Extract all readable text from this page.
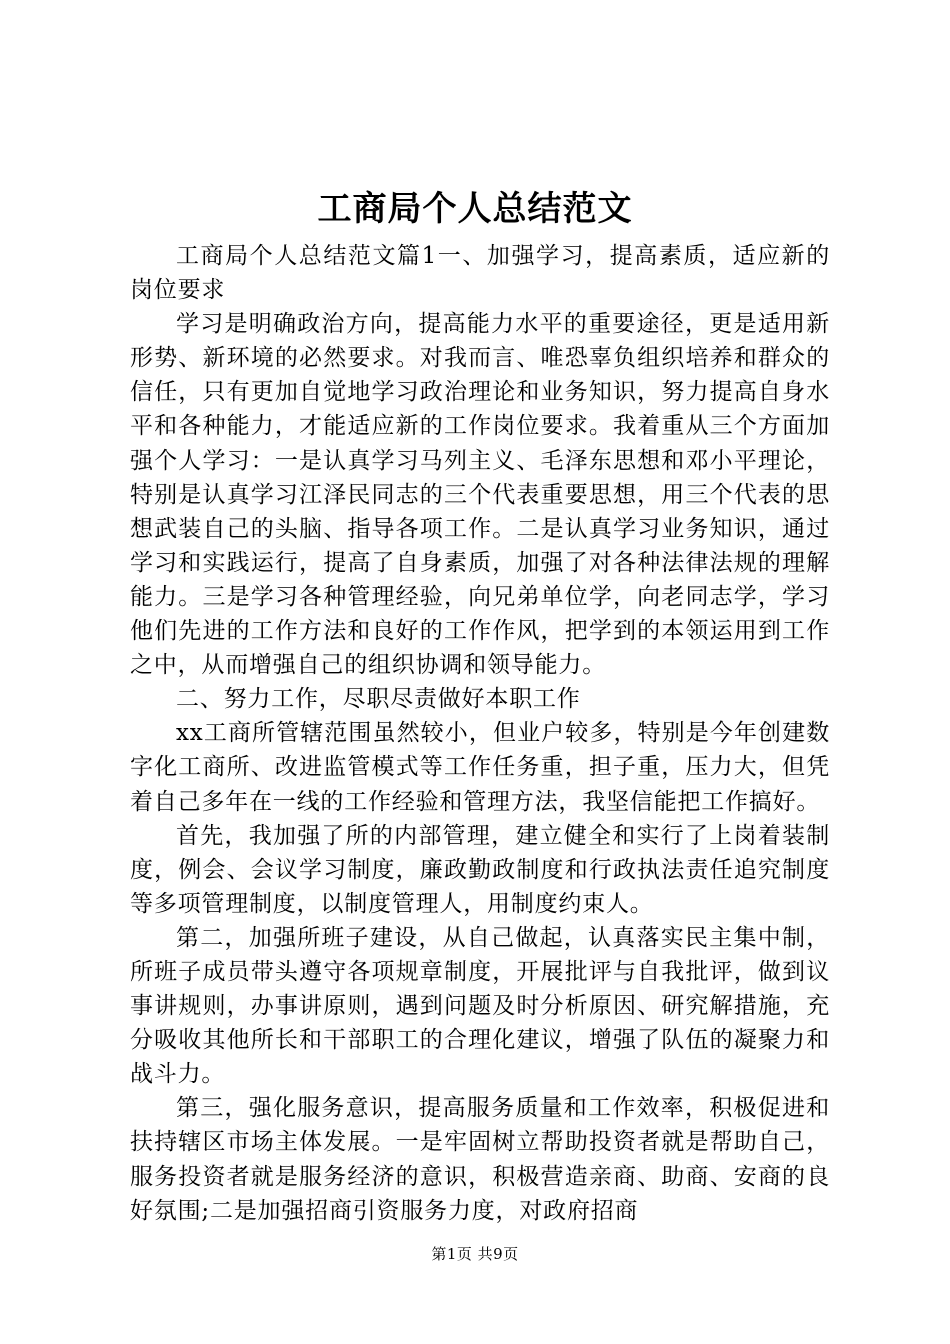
工商局个人总结范文

工商局个人总结范文篇1一、加强学习，提高素质，适应新的岗位要求

学习是明确政治方向，提高能力水平的重要途径，更是适用新形势、新环境的必然要求。对我而言、唯恐辜负组织培养和群众的信任，只有更加自觉地学习政治理论和业务知识，努力提高自身水平和各种能力，才能适应新的工作岗位要求。我着重从三个方面加强个人学习：一是认真学习马列主义、毛泽东思想和邓小平理论，特别是认真学习江泽民同志的三个代表重要思想，用三个代表的思想武装自己的头脑、指导各项工作。二是认真学习业务知识，通过学习和实践运行，提高了自身素质，加强了对各种法律法规的理解能力。三是学习各种管理经验，向兄弟单位学，向老同志学，学习他们先进的工作方法和良好的工作作风，把学到的本领运用到工作之中，从而增强自己的组织协调和领导能力。

二、努力工作，尽职尽责做好本职工作

xx工商所管辖范围虽然较小，但业户较多，特别是今年创建数字化工商所、改进监管模式等工作任务重，担子重，压力大，但凭着自己多年在一线的工作经验和管理方法，我坚信能把工作搞好。

首先，我加强了所的内部管理，建立健全和实行了上岗着装制度，例会、会议学习制度，廉政勤政制度和行政执法责任追究制度等多项管理制度，以制度管理人，用制度约束人。

第二，加强所班子建设，从自己做起，认真落实民主集中制，所班子成员带头遵守各项规章制度，开展批评与自我批评，做到议事讲规则，办事讲原则，遇到问题及时分析原因、研究解措施，充分吸收其他所长和干部职工的合理化建议，增强了队伍的凝聚力和战斗力。

第三，强化服务意识，提高服务质量和工作效率，积极促进和扶持辖区市场主体发展。一是牢固树立帮助投资者就是帮助自己，服务投资者就是服务经济的意识，积极营造亲商、助商、安商的良好氛围;二是加强招商引资服务力度，对政府招商

第1页 共9页
